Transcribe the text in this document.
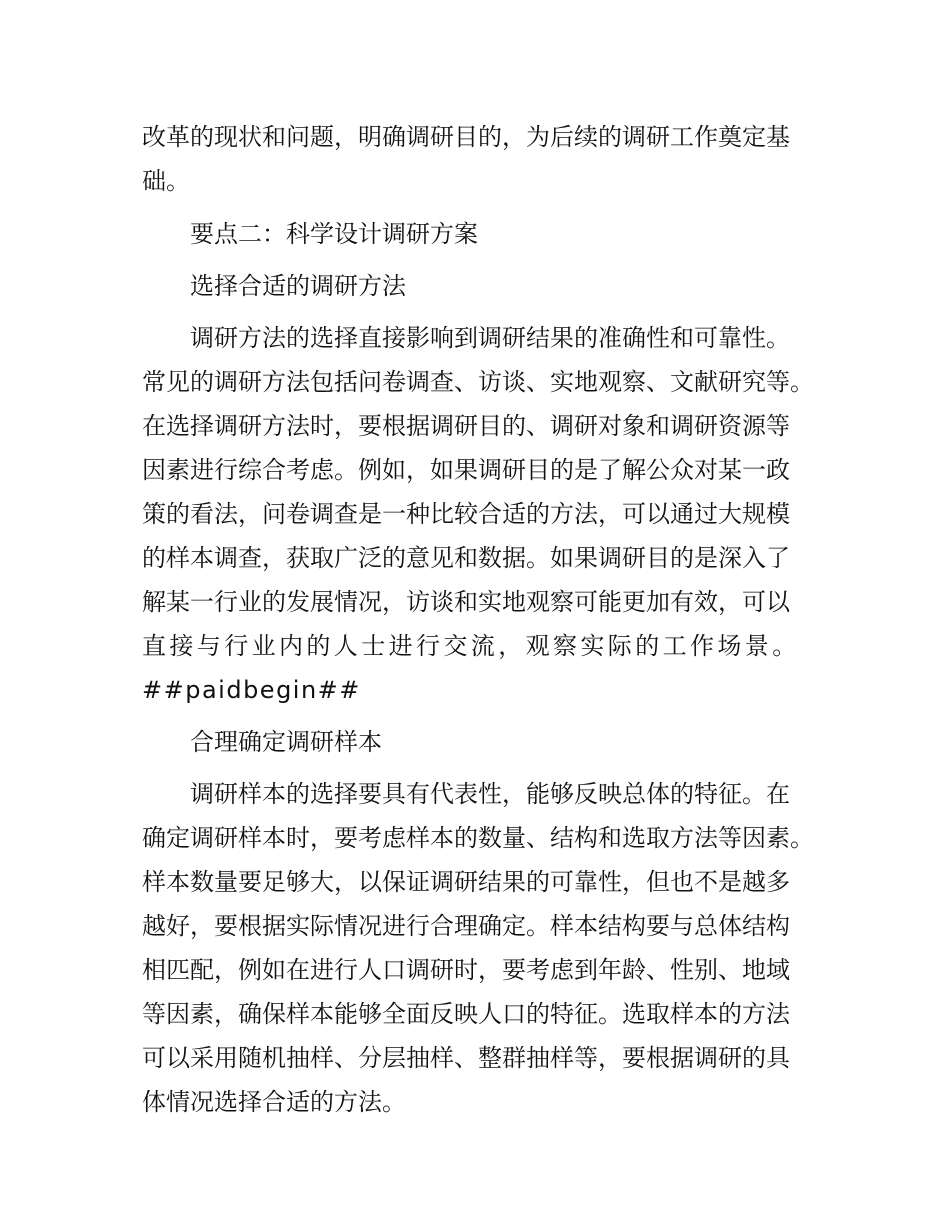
改革的现状和问题，明确调研目的，为后续的调研工作奠定基

础。

要点二：科学设计调研方案

选择合适的调研方法

调研方法的选择直接影响到调研结果的准确性和可靠性。

常见的调研方法包括问卷调查、访谈、实地观察、文献研究等。

在选择调研方法时，要根据调研目的、调研对象和调研资源等

因素进行综合考虑。例如，如果调研目的是了解公众对某一政

策的看法，问卷调查是一种比较合适的方法，可以通过大规模

的样本调查，获取广泛的意见和数据。如果调研目的是深入了

解某一行业的发展情况，访谈和实地观察可能更加有效，可以

直接与行业内的人士进行交流，观察实际的工作场景。

##paidbegin##

合理确定调研样本

调研样本的选择要具有代表性，能够反映总体的特征。在

确定调研样本时，要考虑样本的数量、结构和选取方法等因素。

样本数量要足够大，以保证调研结果的可靠性，但也不是越多

越好，要根据实际情况进行合理确定。样本结构要与总体结构

相匹配，例如在进行人口调研时，要考虑到年龄、性别、地域

等因素，确保样本能够全面反映人口的特征。选取样本的方法

可以采用随机抽样、分层抽样、整群抽样等，要根据调研的具

体情况选择合适的方法。
